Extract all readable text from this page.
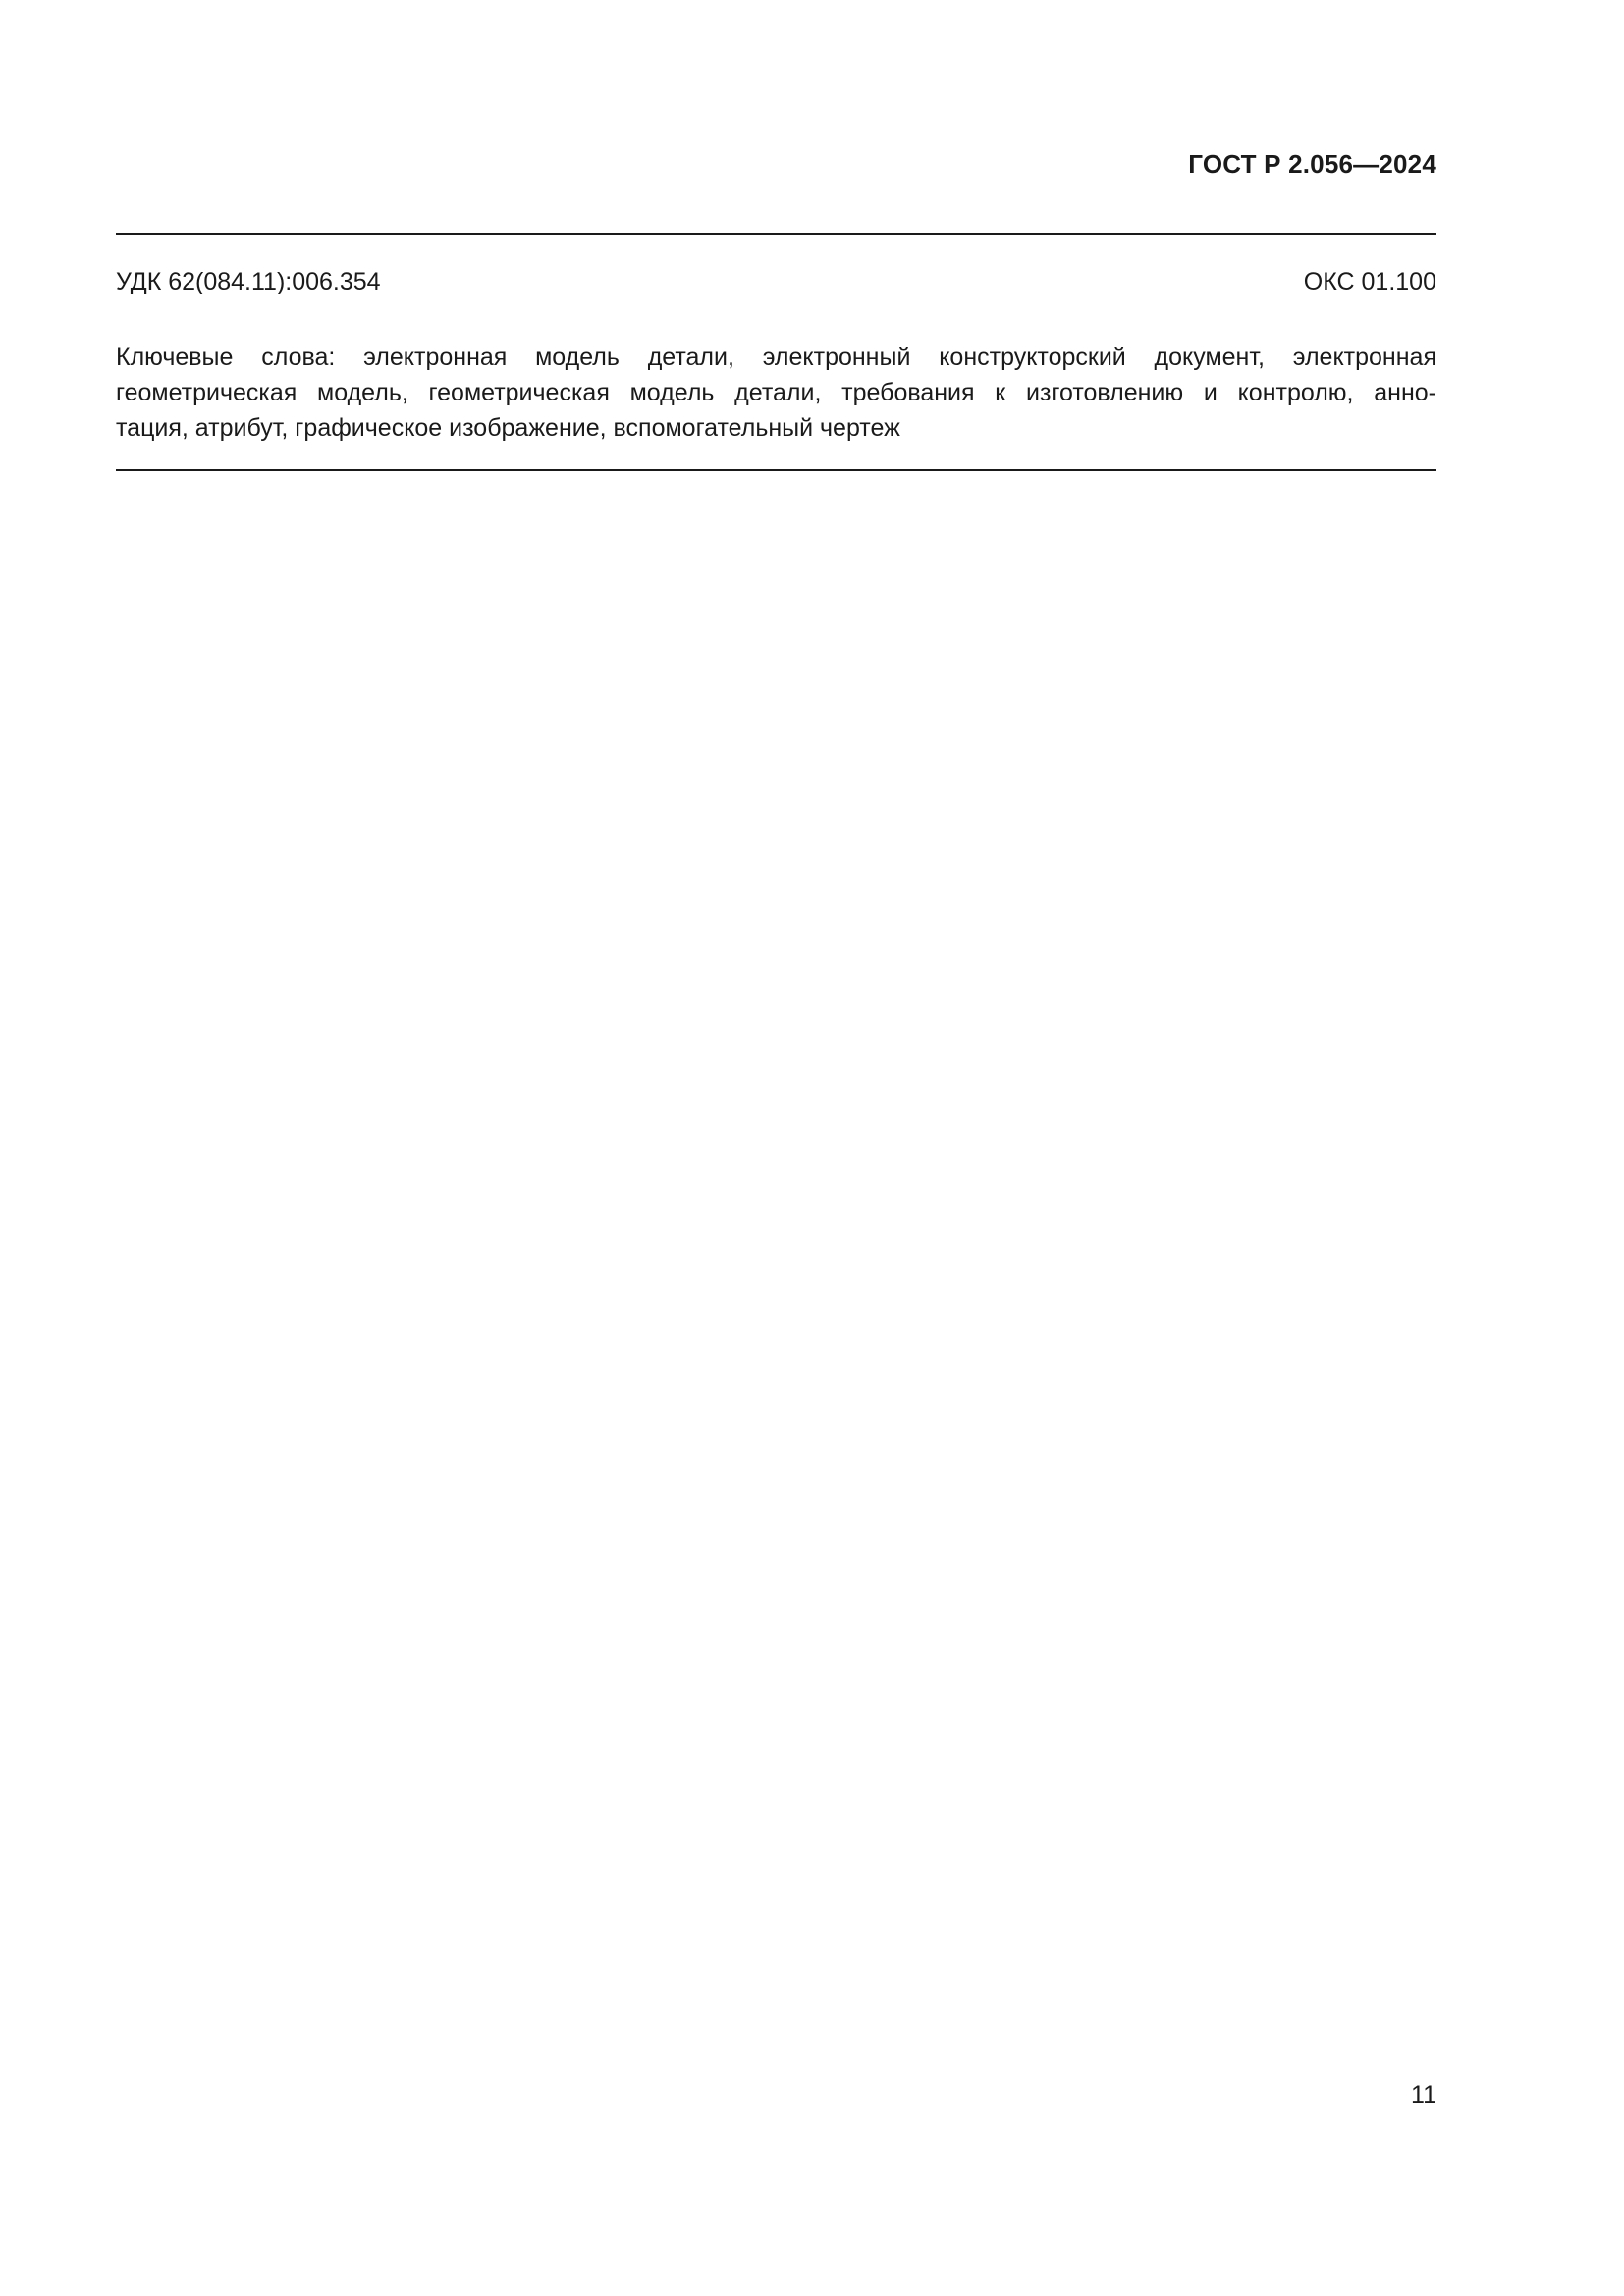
ГОСТ Р 2.056—2024
УДК 62(084.11):006.354	ОКС 01.100
Ключевые слова: электронная модель детали, электронный конструкторский документ, электронная
геометрическая модель, геометрическая модель детали, требования к изготовлению и контролю, анно-
тация, атрибут, графическое изображение, вспомогательный чертеж
11
